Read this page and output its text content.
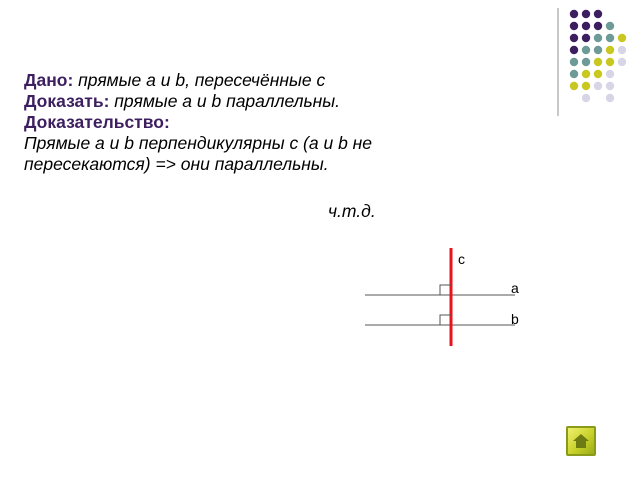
Дано: прямые a и b, пересечённые c
Доказать: прямые a и b параллельны.
Доказательство:
Прямые a и b перпендикулярны c (a и b не
пересекаются) => они параллельны.
ч.т.д.
c
a
b
